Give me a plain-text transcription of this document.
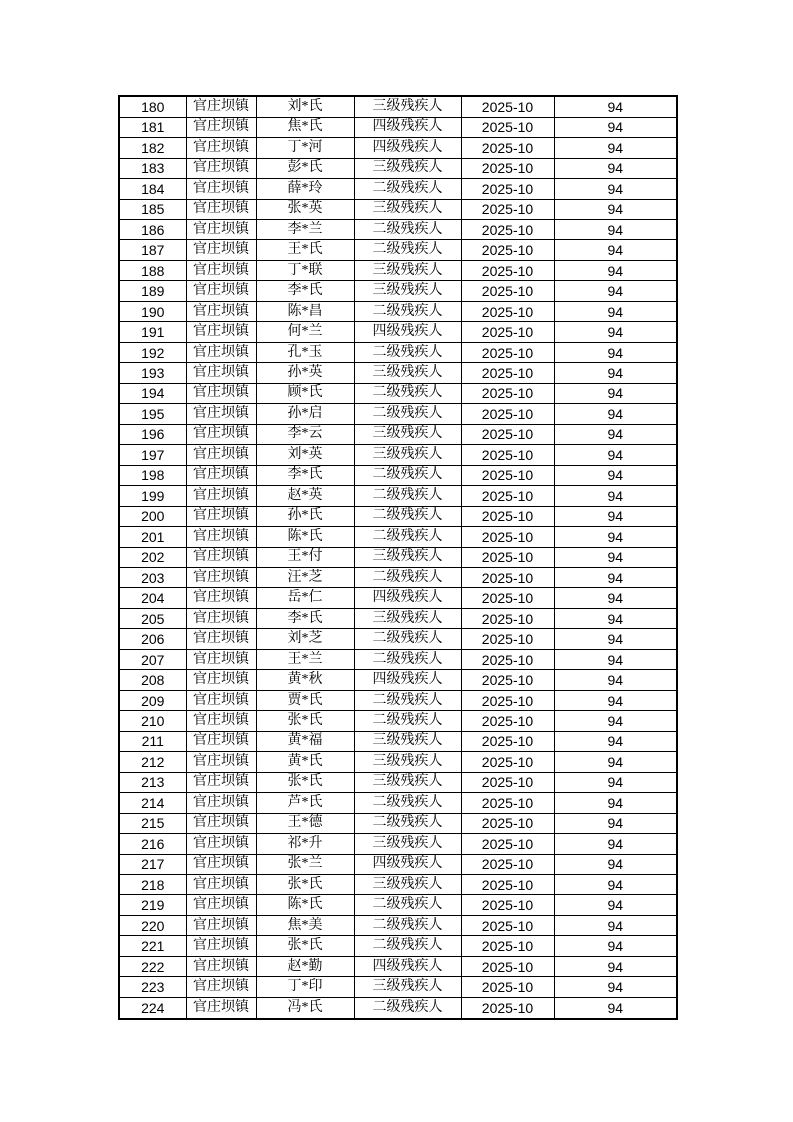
180	官庄坝镇	刘*氏	三级残疾人	2025-10	94
181	官庄坝镇	焦*氏	四级残疾人	2025-10	94
182	官庄坝镇	丁*河	四级残疾人	2025-10	94
183	官庄坝镇	彭*氏	三级残疾人	2025-10	94
184	官庄坝镇	薛*玲	二级残疾人	2025-10	94
185	官庄坝镇	张*英	三级残疾人	2025-10	94
186	官庄坝镇	李*兰	二级残疾人	2025-10	94
187	官庄坝镇	王*氏	二级残疾人	2025-10	94
188	官庄坝镇	丁*联	三级残疾人	2025-10	94
189	官庄坝镇	李*氏	三级残疾人	2025-10	94
190	官庄坝镇	陈*昌	二级残疾人	2025-10	94
191	官庄坝镇	何*兰	四级残疾人	2025-10	94
192	官庄坝镇	孔*玉	二级残疾人	2025-10	94
193	官庄坝镇	孙*英	三级残疾人	2025-10	94
194	官庄坝镇	顾*氏	二级残疾人	2025-10	94
195	官庄坝镇	孙*启	二级残疾人	2025-10	94
196	官庄坝镇	李*云	三级残疾人	2025-10	94
197	官庄坝镇	刘*英	三级残疾人	2025-10	94
198	官庄坝镇	李*氏	二级残疾人	2025-10	94
199	官庄坝镇	赵*英	二级残疾人	2025-10	94
200	官庄坝镇	孙*氏	二级残疾人	2025-10	94
201	官庄坝镇	陈*氏	二级残疾人	2025-10	94
202	官庄坝镇	王*付	三级残疾人	2025-10	94
203	官庄坝镇	汪*芝	二级残疾人	2025-10	94
204	官庄坝镇	岳*仁	四级残疾人	2025-10	94
205	官庄坝镇	李*氏	三级残疾人	2025-10	94
206	官庄坝镇	刘*芝	二级残疾人	2025-10	94
207	官庄坝镇	王*兰	二级残疾人	2025-10	94
208	官庄坝镇	黄*秋	四级残疾人	2025-10	94
209	官庄坝镇	贾*氏	二级残疾人	2025-10	94
210	官庄坝镇	张*氏	二级残疾人	2025-10	94
211	官庄坝镇	黄*福	三级残疾人	2025-10	94
212	官庄坝镇	黄*氏	三级残疾人	2025-10	94
213	官庄坝镇	张*氏	三级残疾人	2025-10	94
214	官庄坝镇	芦*氏	二级残疾人	2025-10	94
215	官庄坝镇	王*德	二级残疾人	2025-10	94
216	官庄坝镇	祁*升	三级残疾人	2025-10	94
217	官庄坝镇	张*兰	四级残疾人	2025-10	94
218	官庄坝镇	张*氏	三级残疾人	2025-10	94
219	官庄坝镇	陈*氏	二级残疾人	2025-10	94
220	官庄坝镇	焦*美	二级残疾人	2025-10	94
221	官庄坝镇	张*氏	二级残疾人	2025-10	94
222	官庄坝镇	赵*勤	四级残疾人	2025-10	94
223	官庄坝镇	丁*印	三级残疾人	2025-10	94
224	官庄坝镇	冯*氏	二级残疾人	2025-10	94
